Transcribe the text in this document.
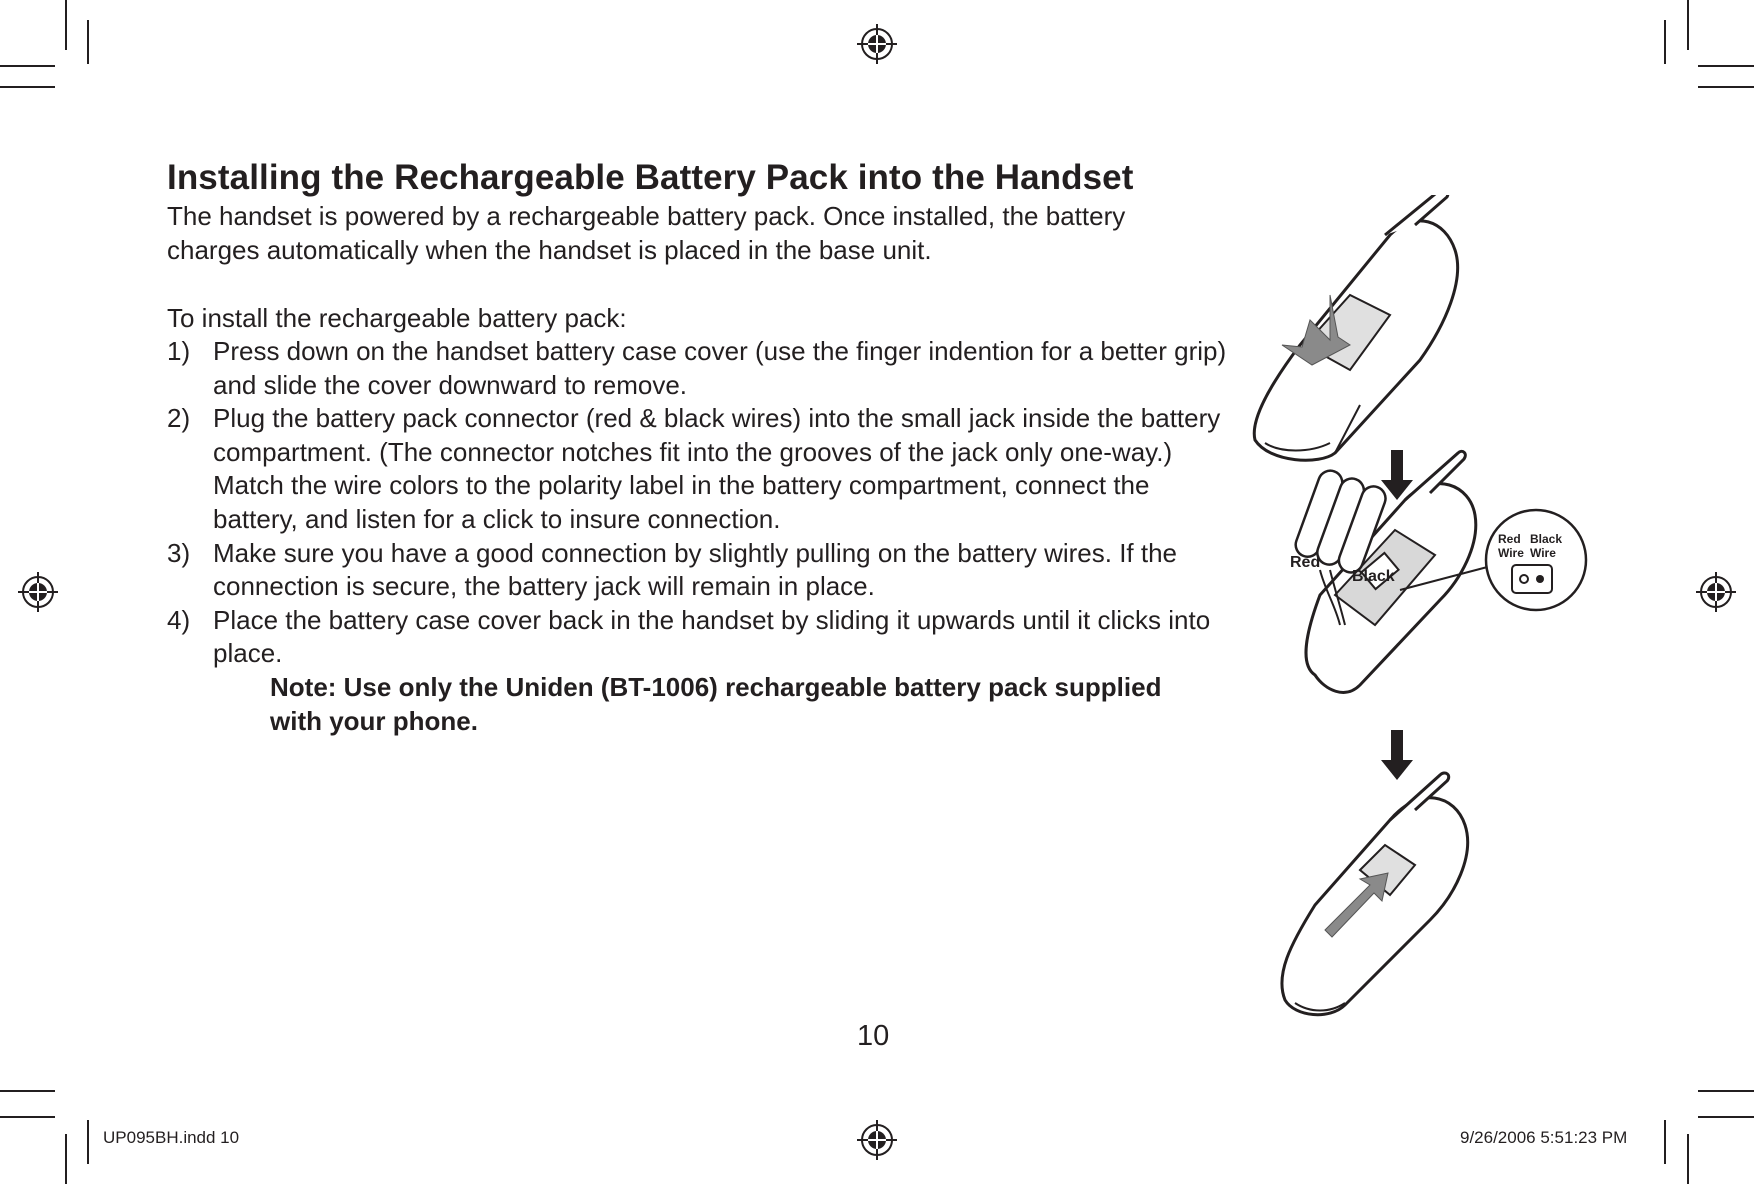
Installing the Rechargeable Battery Pack into the Handset

The handset is powered by a rechargeable battery pack. Once installed, the battery

charges automatically when the handset is placed in the base unit.

To install the rechargeable battery pack:

1) Press down on the handset battery case cover (use the finger indention for a better grip) and slide the cover downward to remove.
2) Plug the battery pack connector (red & black wires) into the small jack inside the battery compartment. (The connector notches fit into the grooves of the jack only one-way.) Match the wire colors to the polarity label in the battery compartment, connect the battery, and listen for a click to insure connection.
3) Make sure you have a good connection by slightly pulling on the battery wires. If the connection is secure, the battery jack will remain in place.
4) Place the battery case cover back in the handset by sliding it upwards until it clicks into place.
Note: Use only the Uniden (BT-1006) rechargeable battery pack supplied
with your phone.
Red
Black
Red Black
Wire Wire
10
UP095BH.indd 10	9/26/2006 5:51:23 PM
